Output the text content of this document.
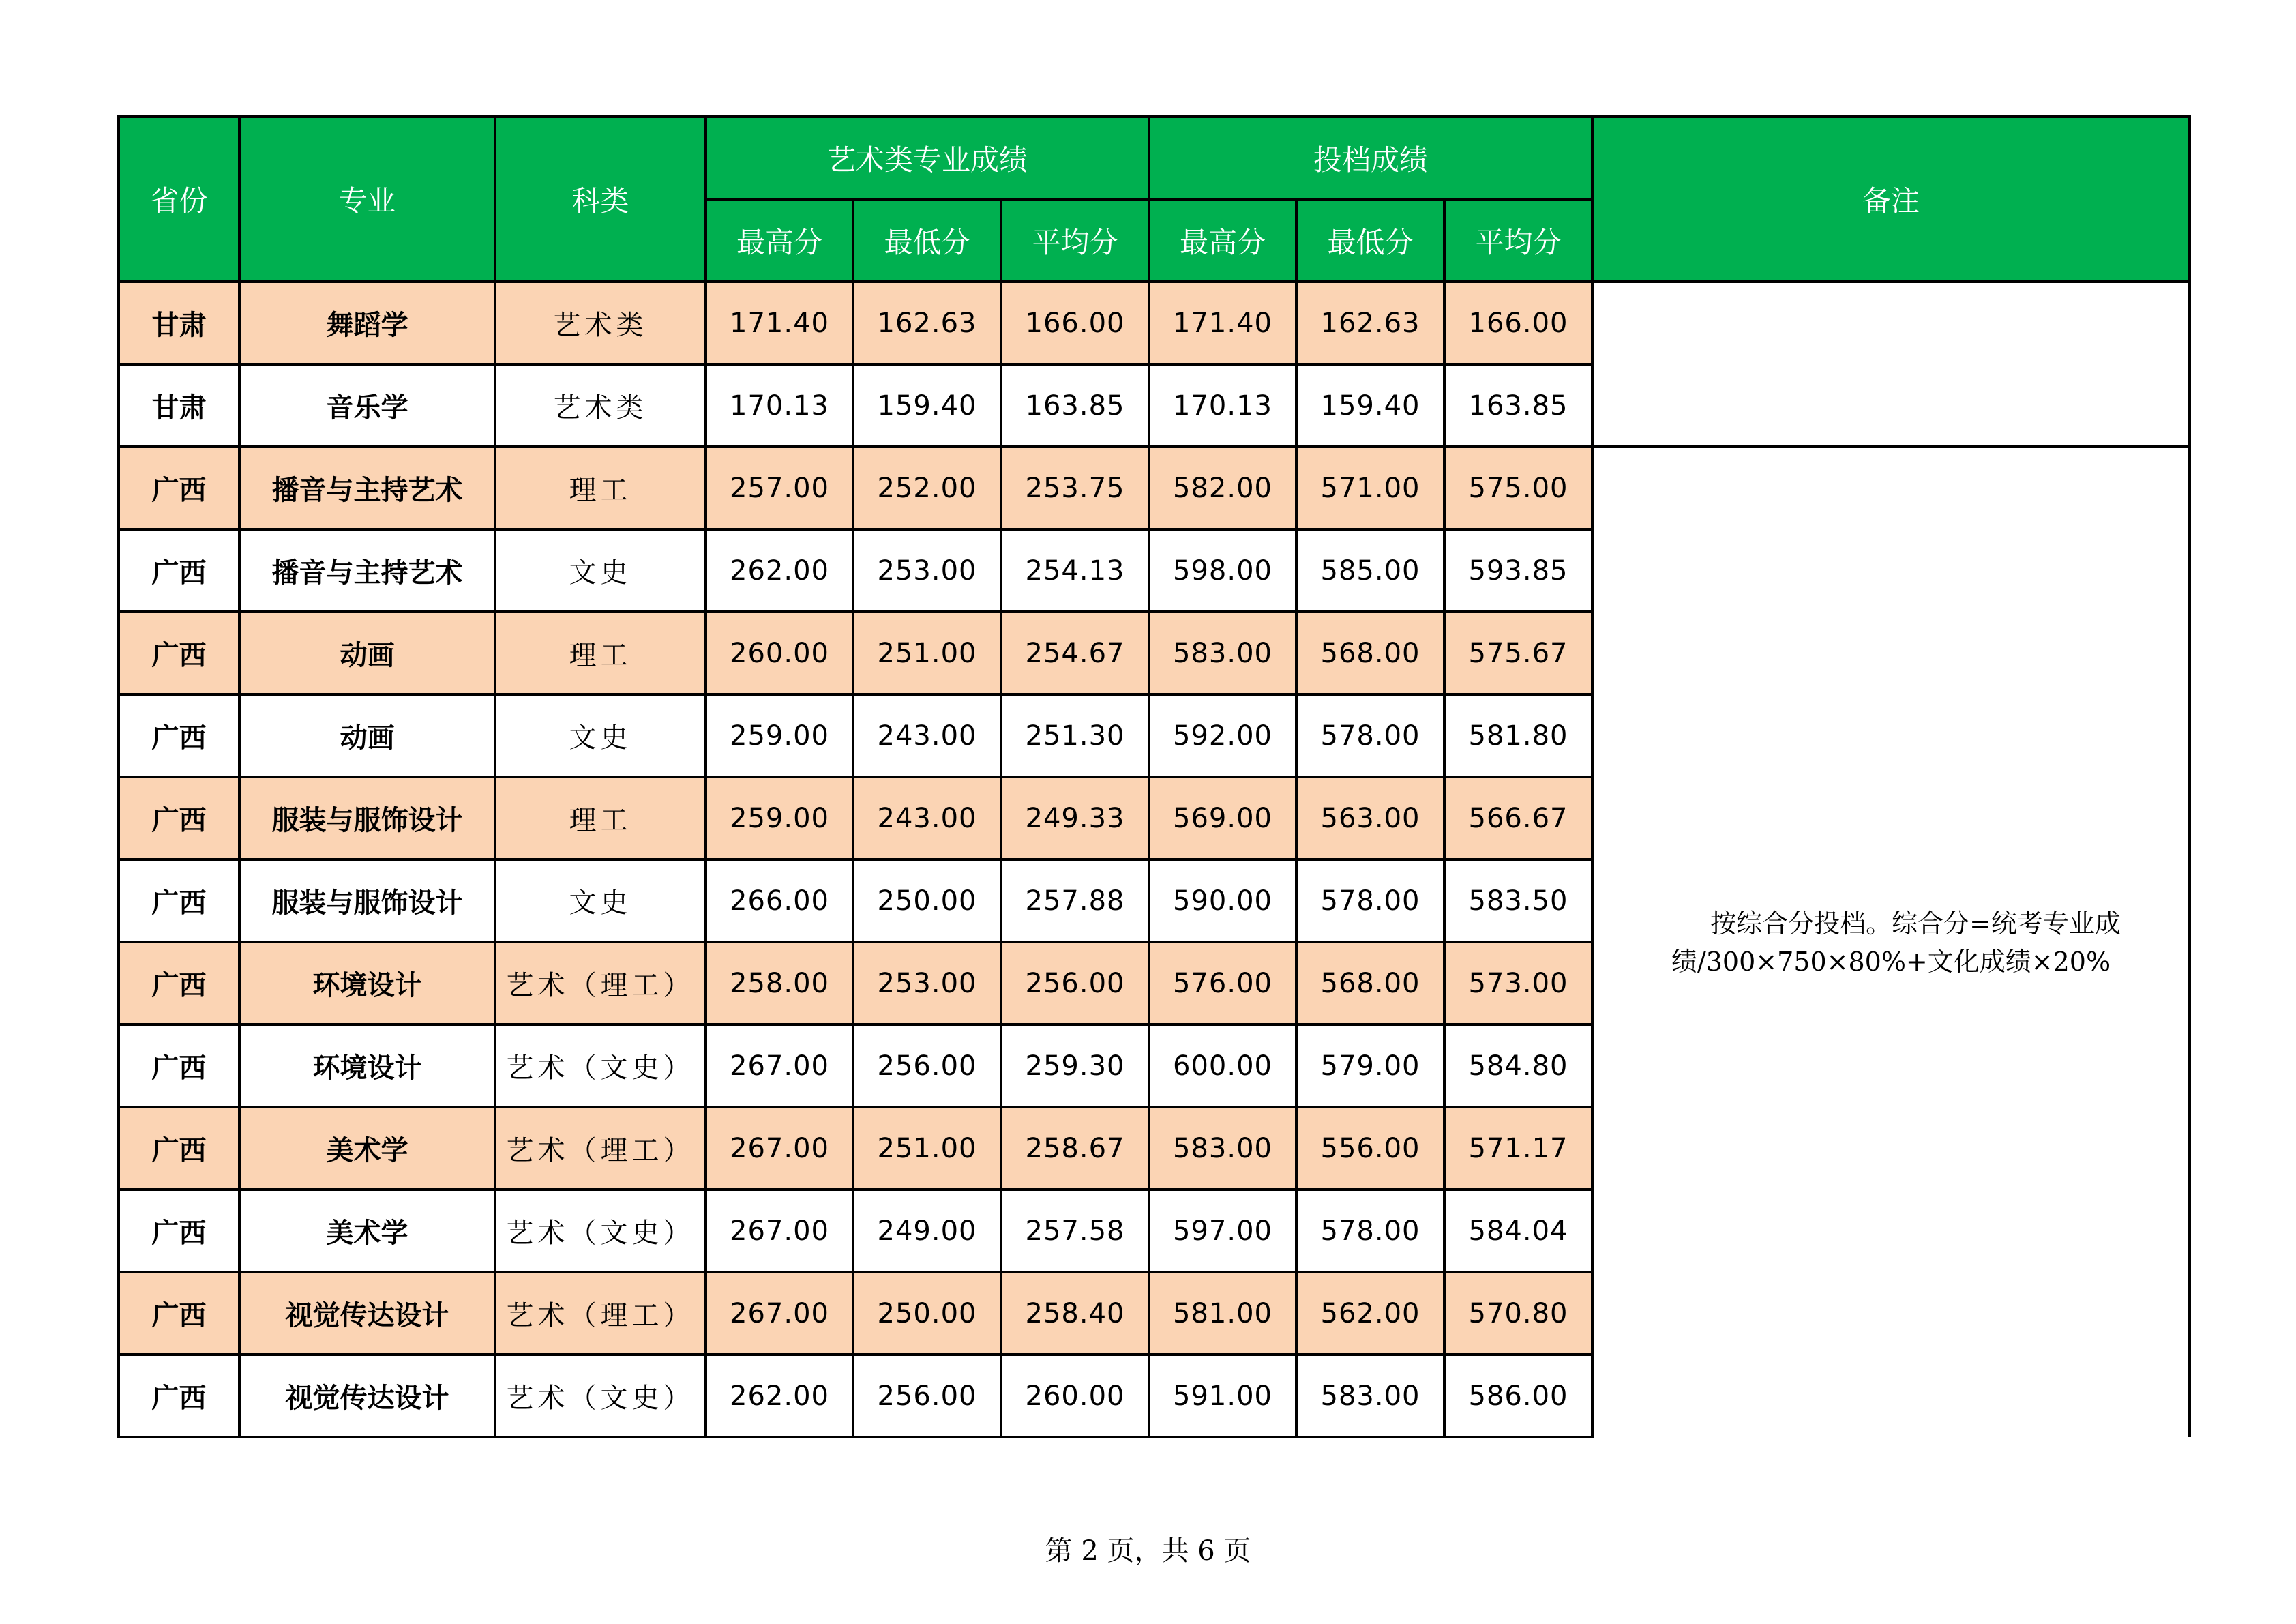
省份	专业	科类	艺术类专业成绩			投档成绩			备注
			最高分	最低分	平均分	最高分	最低分	平均分	
甘肃	舞蹈学	艺术类	171.40	162.63	166.00	171.40	162.63	166.00	
甘肃	音乐学	艺术类	170.13	159.40	163.85	170.13	159.40	163.85	
广西	播音与主持艺术	理工	257.00	252.00	253.75	582.00	571.00	575.00	按综合分投档。综合分=统考专业成绩/300×750×80%+文化成绩×20%

广西	播音与主持艺术	文史	262.00	253.00	254.13	598.00	585.00	593.85	
广西	动画	理工	260.00	251.00	254.67	583.00	568.00	575.67	
广西	动画	文史	259.00	243.00	251.30	592.00	578.00	581.80	
广西	服装与服饰设计	理工	259.00	243.00	249.33	569.00	563.00	566.67	
广西	服装与服饰设计	文史	266.00	250.00	257.88	590.00	578.00	583.50	
广西	环境设计	艺术（理工）	258.00	253.00	256.00	576.00	568.00	573.00	
广西	环境设计	艺术（文史）	267.00	256.00	259.30	600.00	579.00	584.80	
广西	美术学	艺术（理工）	267.00	251.00	258.67	583.00	556.00	571.17	
广西	美术学	艺术（文史）	267.00	249.00	257.58	597.00	578.00	584.04	
广西	视觉传达设计	艺术（理工）	267.00	250.00	258.40	581.00	562.00	570.80	
广西	视觉传达设计	艺术（文史）	262.00	256.00	260.00	591.00	583.00	586.00	
第 2 页，共 6 页
